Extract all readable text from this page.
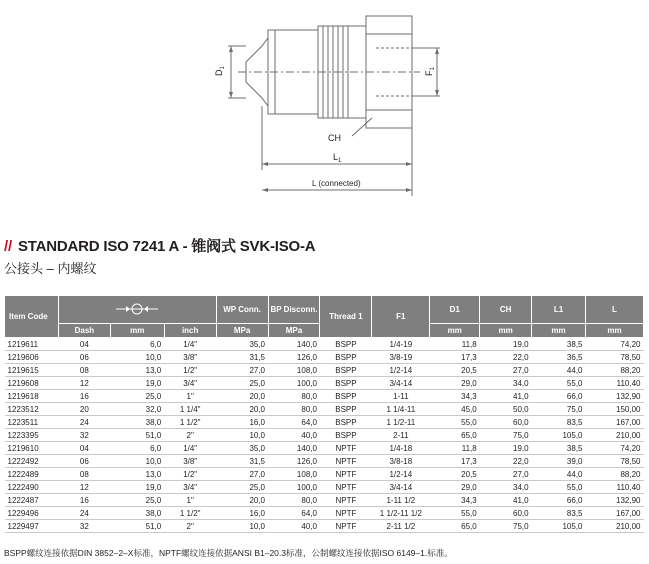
$D_1$
$F_1$
CH
$L_1$
L (connected)
// STANDARD ISO 7241 A - 锥阀式 SVK-ISO-A
公接头 – 内螺纹
Item Code				WP Conn.	BP Disconn.	Thread 1	F1	D1	CH	L1	L
	Dash	mm	inch	MPa	MPa			mm	mm	mm	mm
1219611	04	6,0	1/4"	35,0	140,0	BSPP	1/4-19	11,8	19,0	38,5	74,20
1219606	06	10,0	3/8"	31,5	126,0	BSPP	3/8-19	17,3	22,0	36,5	78,50
1219615	08	13,0	1/2"	27,0	108,0	BSPP	1/2-14	20,5	27,0	44,0	88,20
1219608	12	19,0	3/4"	25,0	100,0	BSPP	3/4-14	29,0	34,0	55,0	110,40
1219618	16	25,0	1"	20,0	80,0	BSPP	1-11	34,3	41,0	66,0	132,90
1223512	20	32,0	1 1/4"	20,0	80,0	BSPP	1 1/4-11	45,0	50,0	75,0	150,00
1223511	24	38,0	1 1/2"	16,0	64,0	BSPP	1 1/2-11	55,0	60,0	83,5	167,00
1223395	32	51,0	2"	10,0	40,0	BSPP	2-11	65,0	75,0	105,0	210,00
1219610	04	6,0	1/4"	35,0	140,0	NPTF	1/4-18	11,8	19,0	38,5	74,20
1222492	06	10,0	3/8"	31,5	126,0	NPTF	3/8-18	17,3	22,0	39,0	78,50
1222489	08	13,0	1/2"	27,0	108,0	NPTF	1/2-14	20,5	27,0	44,0	88,20
1222490	12	19,0	3/4"	25,0	100,0	NPTF	3/4-14	29,0	34,0	55,0	110,40
1222487	16	25,0	1"	20,0	80,0	NPTF	1-11 1/2	34,3	41,0	66,0	132,90
1229496	24	38,0	1 1/2"	16,0	64,0	NPTF	1 1/2-11 1/2	55,0	60,0	83,5	167,00
1229497	32	51,0	2"	10,0	40,0	NPTF	2-11 1/2	65,0	75,0	105,0	210,00
BSPP螺纹连接依据DIN 3852–2–X标准，NPTF螺纹连接依据ANSI B1–20.3标准，公制螺纹连接依据ISO 6149–1.标准。
